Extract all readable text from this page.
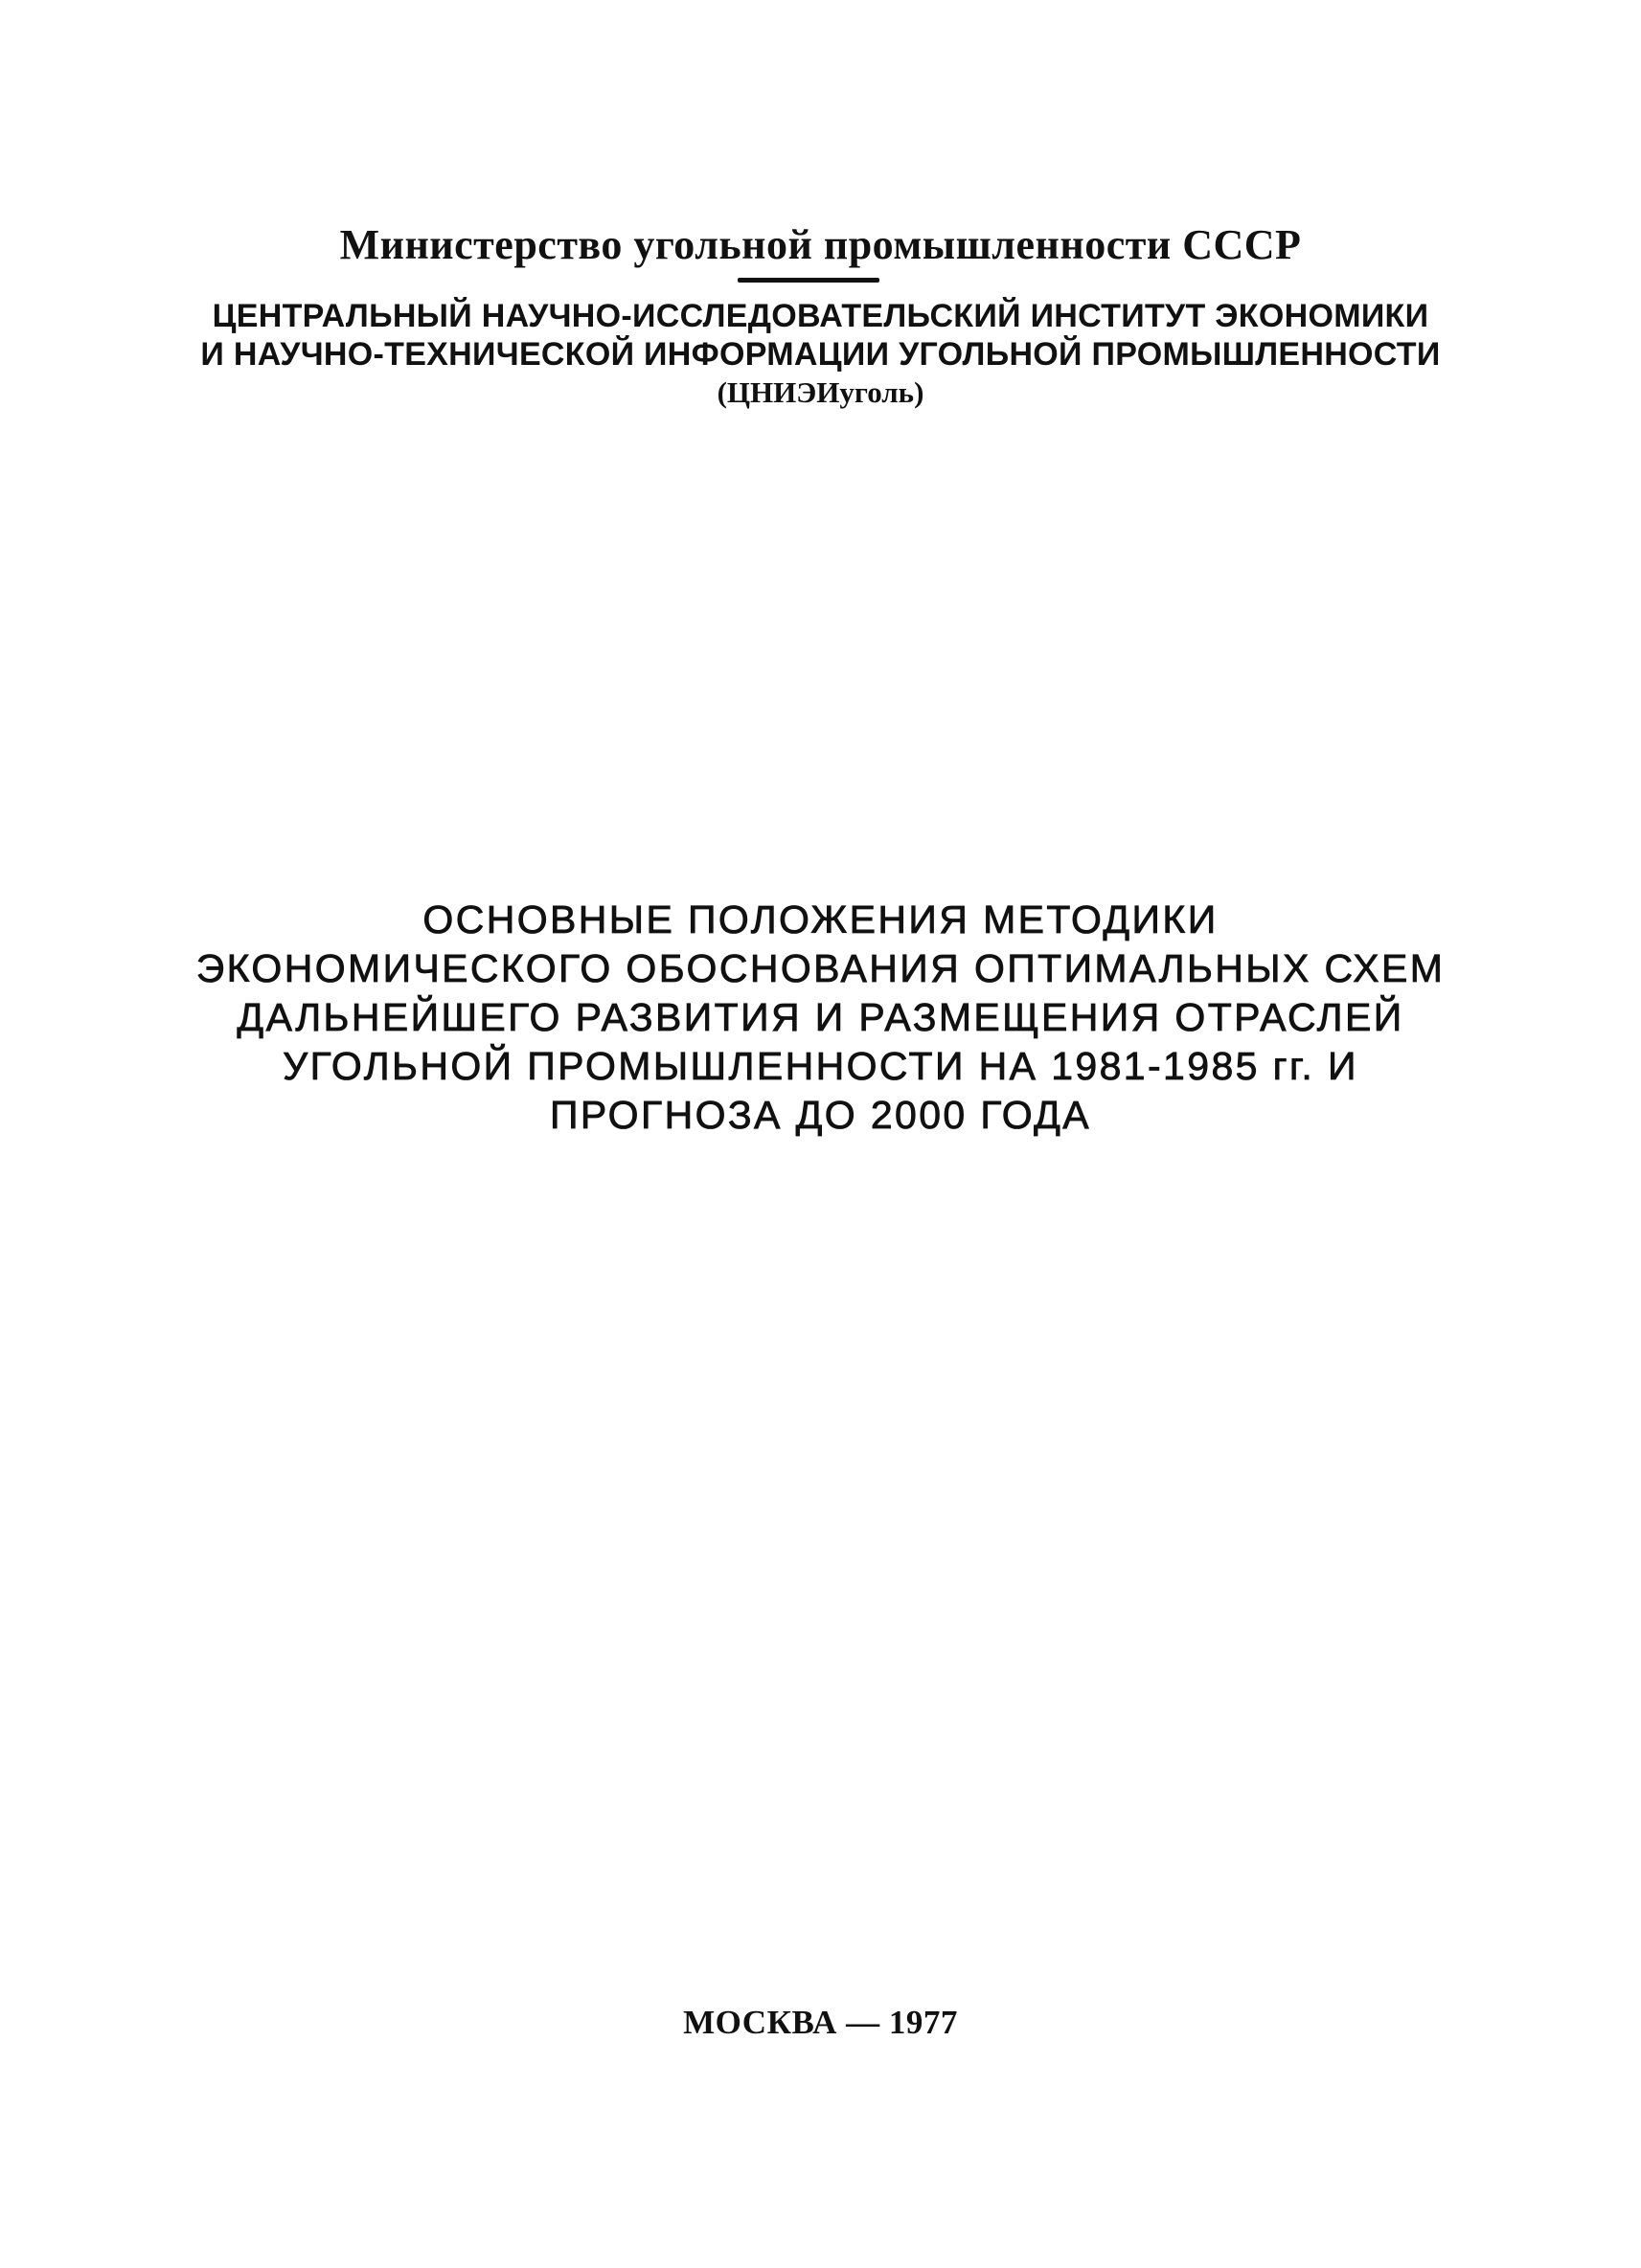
Министерство угольной промышленности СССР
ЦЕНТРАЛЬНЫЙ НАУЧНО-ИССЛЕДОВАТЕЛЬСКИЙ ИНСТИТУТ ЭКОНОМИКИ
И НАУЧНО-ТЕХНИЧЕСКОЙ ИНФОРМАЦИИ УГОЛЬНОЙ ПРОМЫШЛЕННОСТИ
(ЦНИЭИуголь)
ОСНОВНЫЕ ПОЛОЖЕНИЯ МЕТОДИКИ
ЭКОНОМИЧЕСКОГО ОБОСНОВАНИЯ ОПТИМАЛЬНЫХ СХЕМ
ДАЛЬНЕЙШЕГО РАЗВИТИЯ И РАЗМЕЩЕНИЯ ОТРАСЛЕЙ
УГОЛЬНОЙ ПРОМЫШЛЕННОСТИ НА 1981-1985 гг. И
ПРОГНОЗА ДО 2000 ГОДА
МОСКВА — 1977
